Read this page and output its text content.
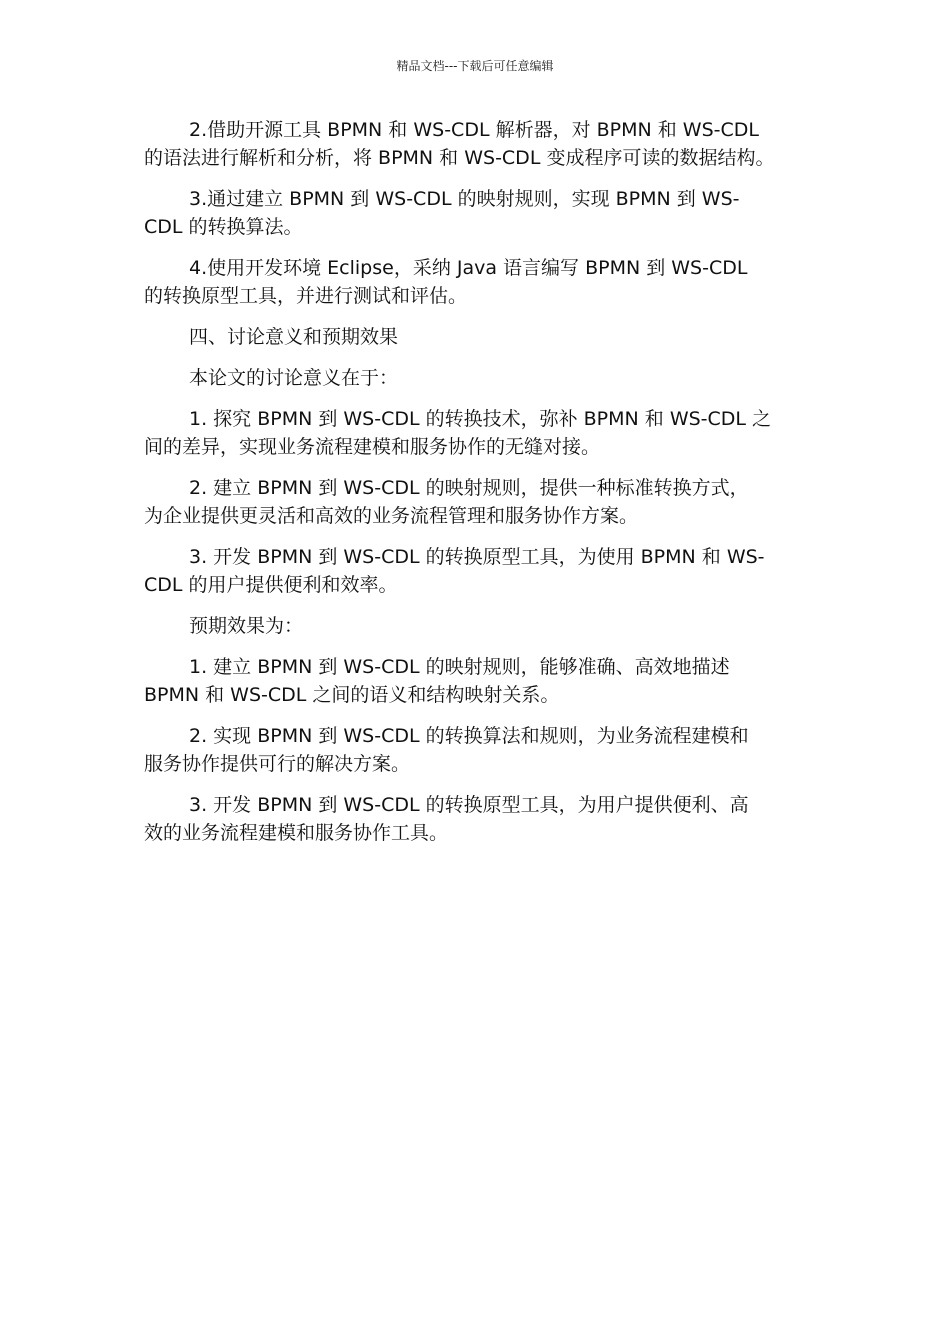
精品文档---下载后可任意编辑

2.借助开源工具 BPMN 和 WS-CDL 解析器，对 BPMN 和 WS-CDL
的语法进行解析和分析，将 BPMN 和 WS-CDL 变成程序可读的数据结构。

3.通过建立 BPMN 到 WS-CDL 的映射规则，实现 BPMN 到 WS-
CDL 的转换算法。

4.使用开发环境 Eclipse，采纳 Java 语言编写 BPMN 到 WS-CDL
的转换原型工具，并进行测试和评估。

四、讨论意义和预期效果

本论文的讨论意义在于：

1. 探究 BPMN 到 WS-CDL 的转换技术，弥补 BPMN 和 WS-CDL 之
间的差异，实现业务流程建模和服务协作的无缝对接。

2. 建立 BPMN 到 WS-CDL 的映射规则，提供一种标准转换方式，
为企业提供更灵活和高效的业务流程管理和服务协作方案。

3. 开发 BPMN 到 WS-CDL 的转换原型工具，为使用 BPMN 和 WS-
CDL 的用户提供便利和效率。

预期效果为：

1. 建立 BPMN 到 WS-CDL 的映射规则，能够准确、高效地描述
BPMN 和 WS-CDL 之间的语义和结构映射关系。

2. 实现 BPMN 到 WS-CDL 的转换算法和规则，为业务流程建模和
服务协作提供可行的解决方案。

3. 开发 BPMN 到 WS-CDL 的转换原型工具，为用户提供便利、高
效的业务流程建模和服务协作工具。
